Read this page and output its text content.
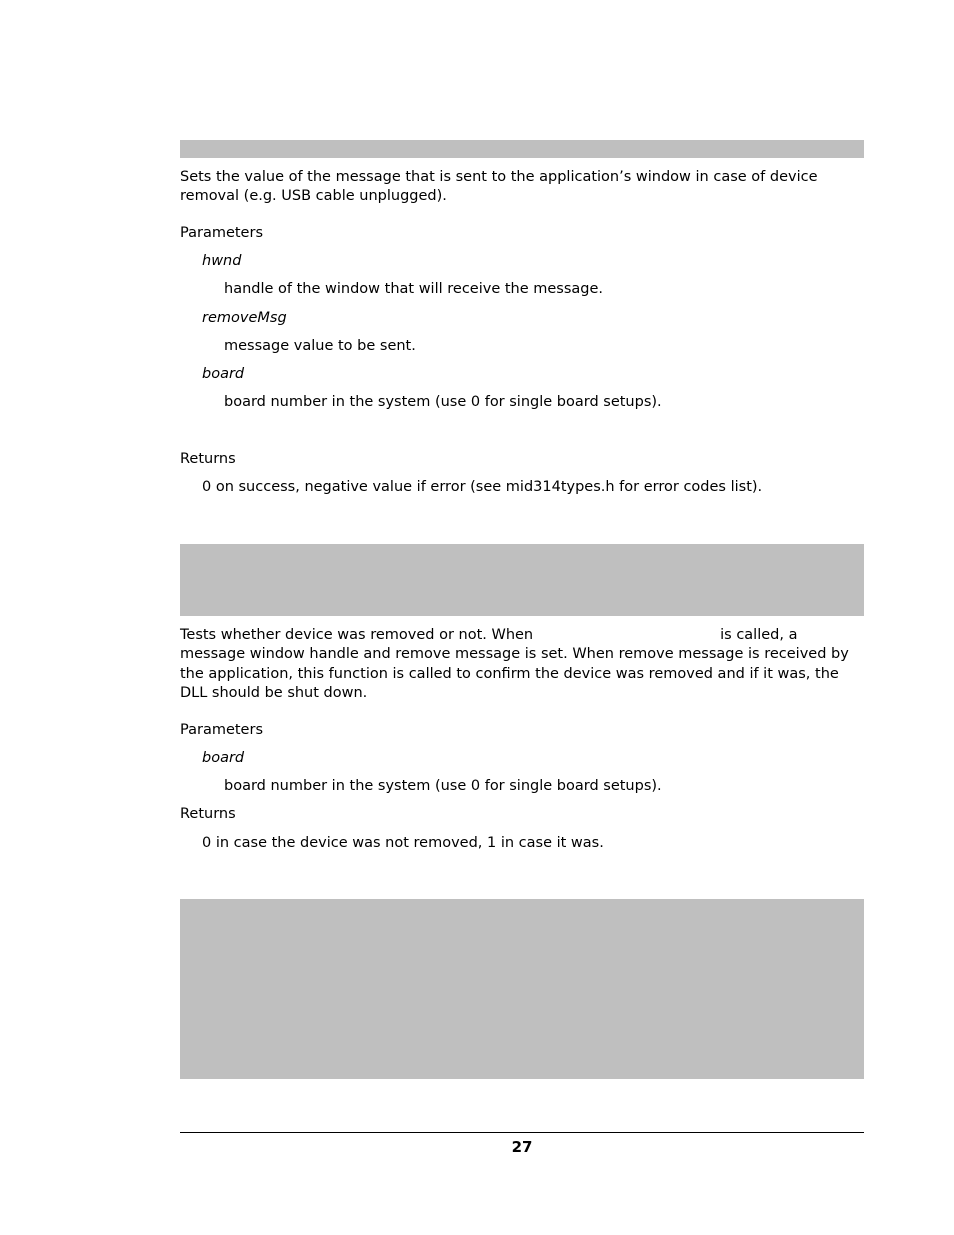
Sets the value of the message that is sent to the application’s window in case of device removal (e.g. USB cable unplugged).
Parameters
hwnd
handle of the window that will receive the message.
removeMsg
message value to be sent.
board
board number in the system (use 0 for single board setups).
Returns
0 on success, negative value if error (see mid314types.h for error codes list).
Tests whether device was removed or not. When	is called, a message window handle and remove message is set. When remove message is received by the application, this function is called to confirm the device was removed and if it was, the DLL should be shut down.
Parameters
board
board number in the system (use 0 for single board setups).
Returns
0 in case the device was not removed, 1 in case it was.
27
